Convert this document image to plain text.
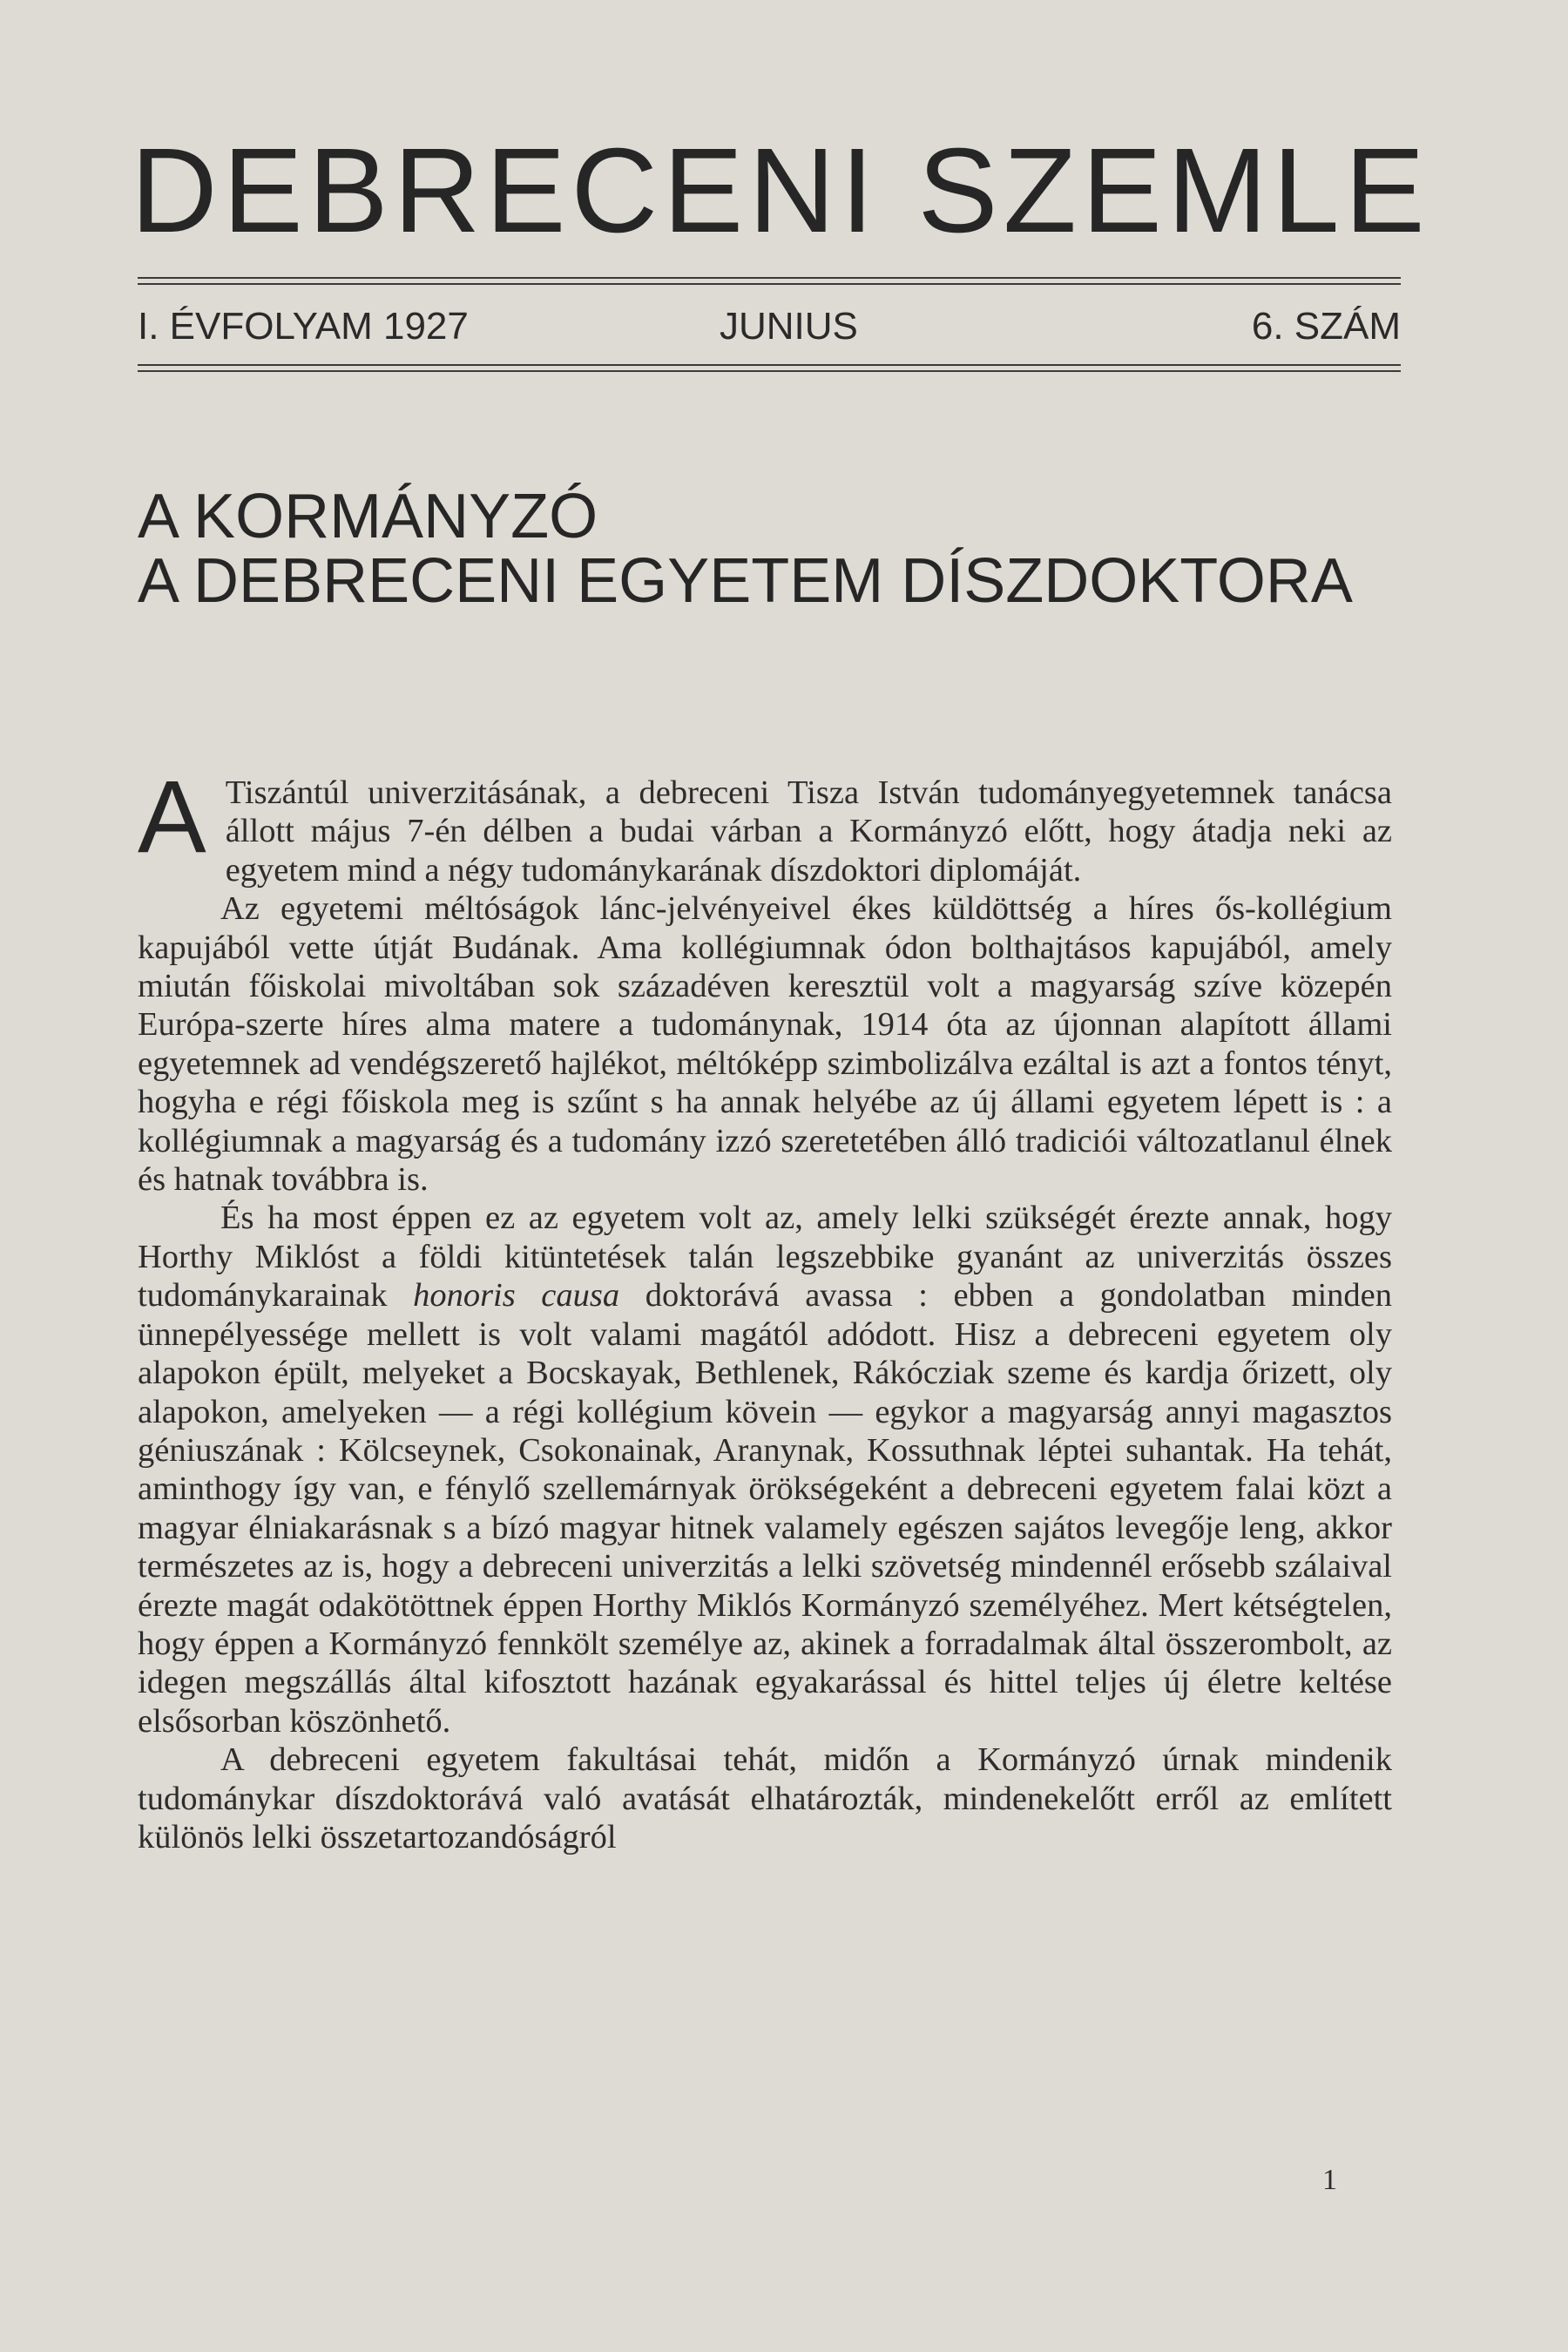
DEBRECENI SZEMLE
I. ÉVFOLYAM 1927	JUNIUS	6. SZÁM
A KORMÁNYZÓ
A DEBRECENI EGYETEM DÍSZDOKTORA

A Tiszántúl univerzitásának, a debreceni Tisza István tudományegyetemnek tanácsa állott május 7-én délben a budai várban a Kormányzó előtt, hogy átadja neki az egyetem mind a négy tudománykarának díszdoktori diplomáját.

Az egyetemi méltóságok lánc-jelvényeivel ékes küldöttség a híres ős-kollégium kapujából vette útját Budának. Ama kollégiumnak ódon bolthajtásos kapujából, amely miután főiskolai mivoltában sok századéven keresztül volt a magyarság szíve közepén Európa-szerte híres alma matere a tudománynak, 1914 óta az újonnan alapított állami egyetemnek ad vendégszerető hajlékot, méltóképp szimbolizálva ezáltal is azt a fontos tényt, hogyha e régi főiskola meg is szűnt s ha annak helyébe az új állami egyetem lépett is : a kollégiumnak a magyarság és a tudomány izzó szeretetében álló tradiciói változatlanul élnek és hatnak továbbra is.

És ha most éppen ez az egyetem volt az, amely lelki szükségét érezte annak, hogy Horthy Miklóst a földi kitüntetések talán legszebbike gyanánt az univerzitás összes tudománykarainak honoris causa doktorává avassa : ebben a gondolatban minden ünnepélyessége mellett is volt valami magától adódott. Hisz a debreceni egyetem oly alapokon épült, melyeket a Bocskayak, Bethlenek, Rákócziak szeme és kardja őrizett, oly alapokon, amelyeken — a régi kollégium kövein — egykor a magyarság annyi magasztos géniuszának : Kölcseynek, Csokonainak, Aranynak, Kossuthnak léptei suhantak. Ha tehát, aminthogy így van, e fénylő szellemárnyak örökségeként a debreceni egyetem falai közt a magyar élniakarásnak s a bízó magyar hitnek valamely egészen sajátos levegője leng, akkor természetes az is, hogy a debreceni univerzitás a lelki szövetség mindennél erősebb szálaival érezte magát odakötöttnek éppen Horthy Miklós Kormányzó személyéhez. Mert kétségtelen, hogy éppen a Kormányzó fennkölt személye az, akinek a forradalmak által összerombolt, az idegen megszállás által kifosztott hazának egyakarással és hittel teljes új életre keltése elsősorban köszönhető.

A debreceni egyetem fakultásai tehát, midőn a Kormányzó úrnak mindenik tudománykar díszdoktorává való avatását elhatározták, mindenekelőtt erről az említett különös lelki összetartozandóságról

1
